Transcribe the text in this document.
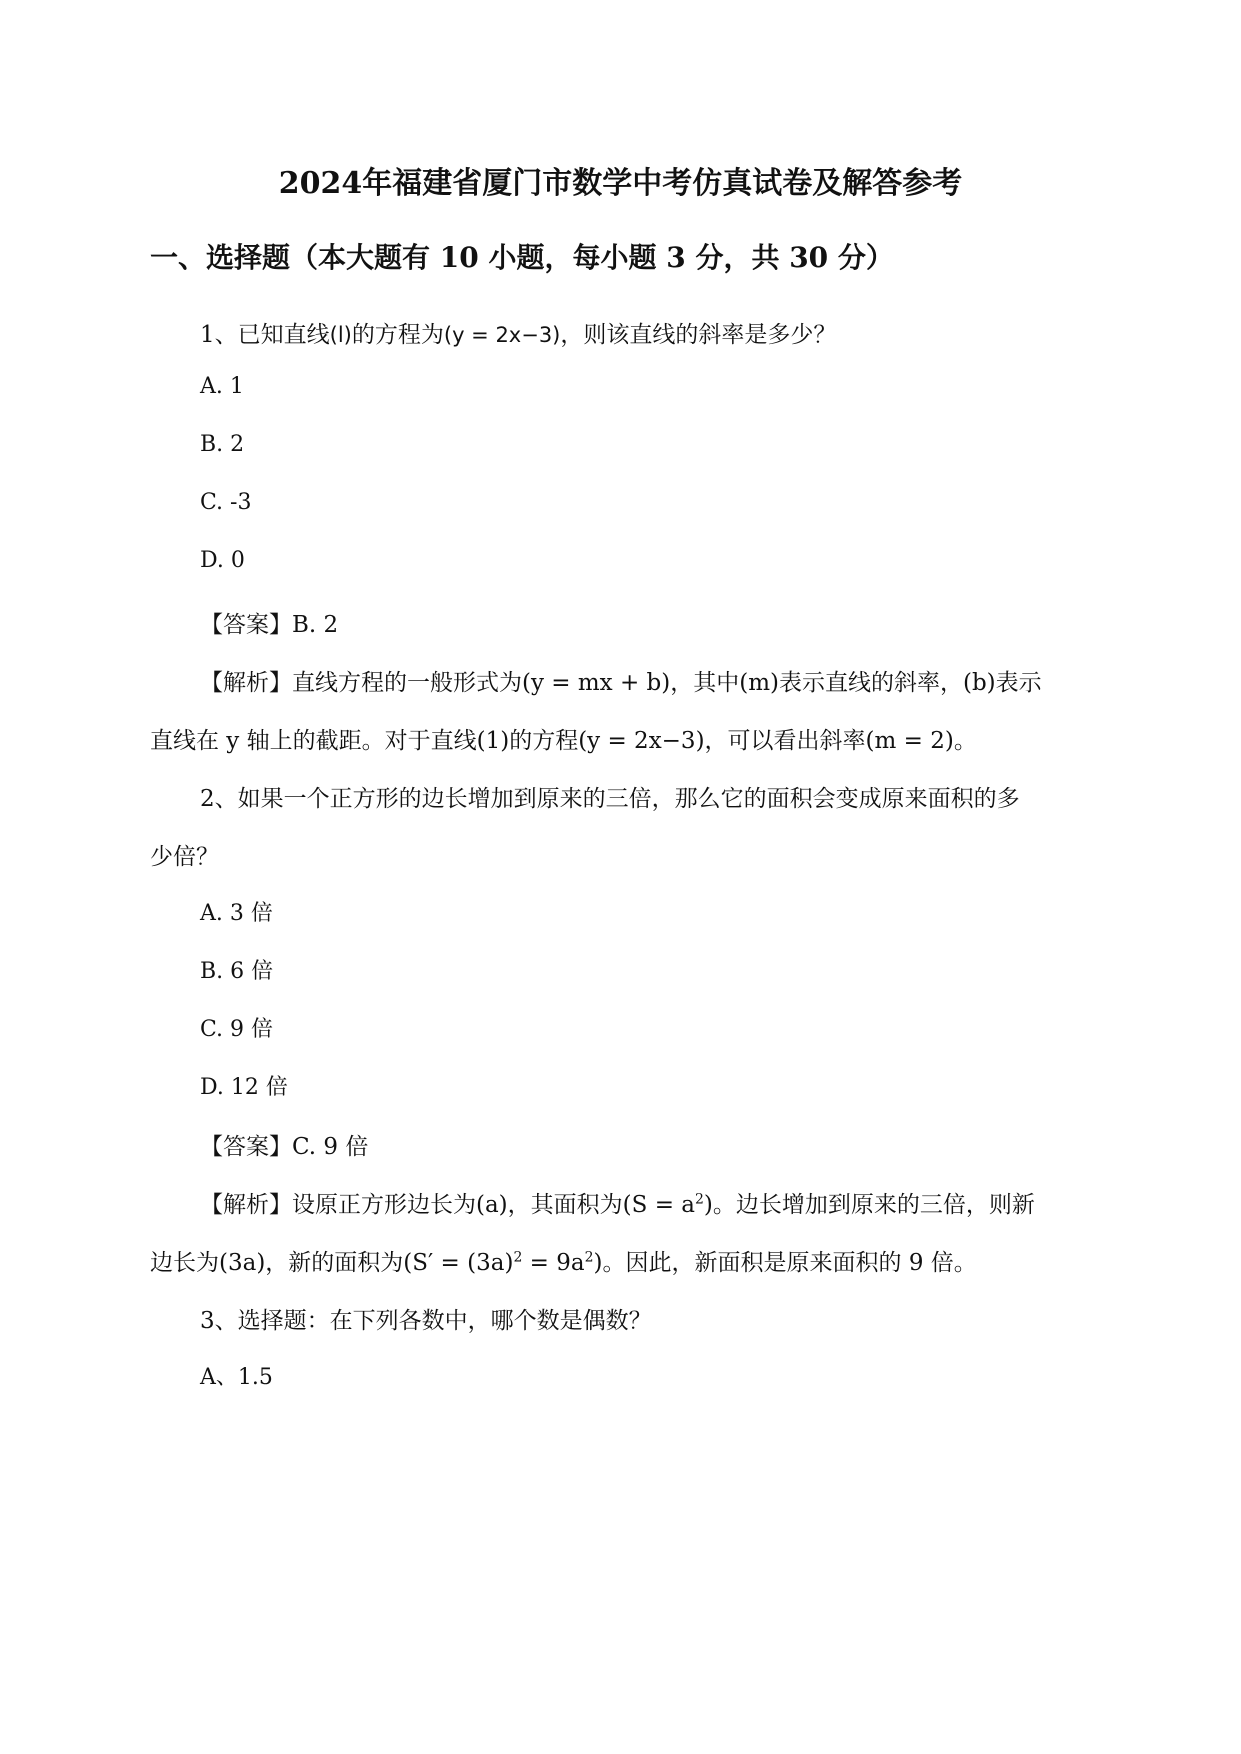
2024年福建省厦门市数学中考仿真试卷及解答参考
一、选择题（本大题有 10 小题，每小题 3 分，共 30 分）
1、已知直线(l)的方程为(y = 2x−3)，则该直线的斜率是多少？
A. 1
B. 2
C. -3
D. 0
【答案】B. 2
【解析】直线方程的一般形式为(y = mx + b)，其中(m)表示直线的斜率，(b)表示
直线在 y 轴上的截距。对于直线(1)的方程(y = 2x−3)，可以看出斜率(m = 2)。
2、如果一个正方形的边长增加到原来的三倍，那么它的面积会变成原来面积的多
少倍？
A. 3 倍
B. 6 倍
C. 9 倍
D. 12 倍
【答案】C. 9 倍
【解析】设原正方形边长为(a)，其面积为$(S = a^2)$。边长增加到原来的三倍，则新
边长为(3a)，新的面积为$(S' = (3a)^2 = 9a^2)$。因此，新面积是原来面积的 9 倍。
3、选择题：在下列各数中，哪个数是偶数？
A、1.5
